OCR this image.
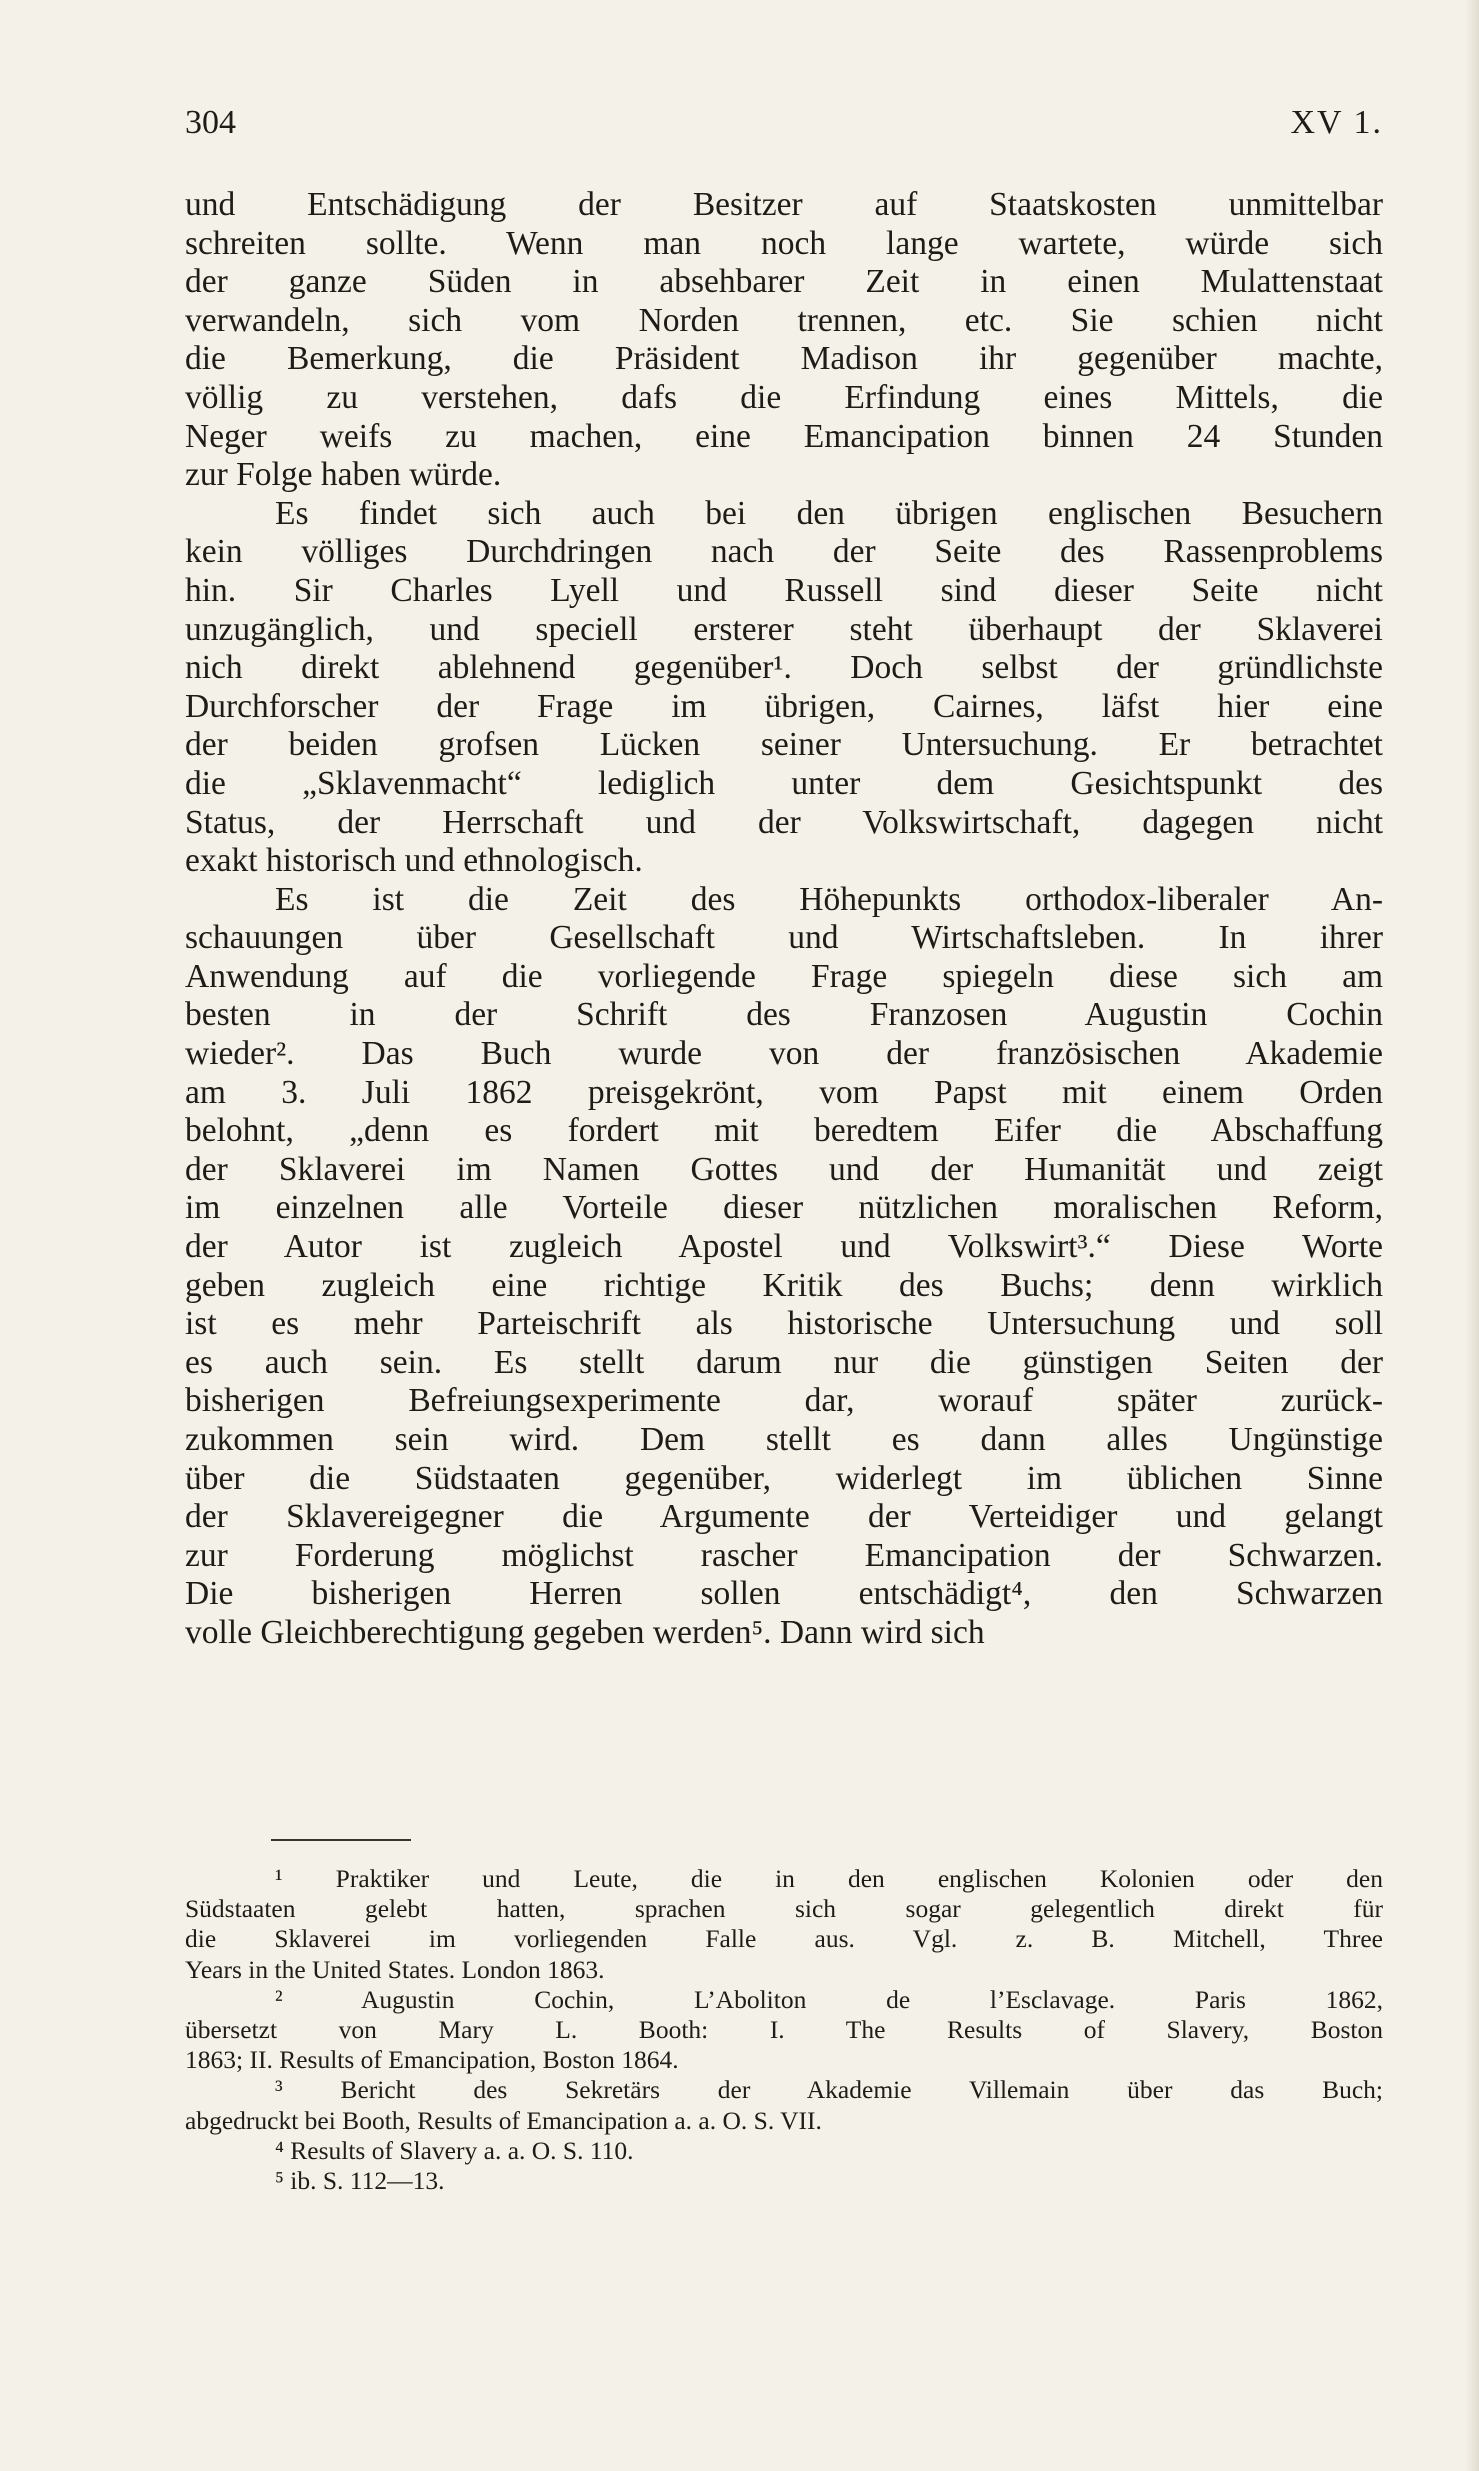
304	XV 1.
und Entschädigung der Besitzer auf Staatskosten unmittelbar
schreiten sollte. Wenn man noch lange wartete, würde sich
der ganze Süden in absehbarer Zeit in einen Mulattenstaat
verwandeln, sich vom Norden trennen, etc. Sie schien nicht
die Bemerkung, die Präsident Madison ihr gegenüber machte,
völlig zu verstehen, dafs die Erfindung eines Mittels, die
Neger weifs zu machen, eine Emancipation binnen 24 Stunden
zur Folge haben würde.
Es findet sich auch bei den übrigen englischen Besuchern
kein völliges Durchdringen nach der Seite des Rassenproblems
hin. Sir Charles Lyell und Russell sind dieser Seite nicht
unzugänglich, und speciell ersterer steht überhaupt der Sklaverei
nich direkt ablehnend gegenüber¹. Doch selbst der gründlichste
Durchforscher der Frage im übrigen, Cairnes, läfst hier eine
der beiden grofsen Lücken seiner Untersuchung. Er betrachtet
die „Sklavenmacht“ lediglich unter dem Gesichtspunkt des
Status, der Herrschaft und der Volkswirtschaft, dagegen nicht
exakt historisch und ethnologisch.
Es ist die Zeit des Höhepunkts orthodox-liberaler An-
schauungen über Gesellschaft und Wirtschaftsleben. In ihrer
Anwendung auf die vorliegende Frage spiegeln diese sich am
besten in der Schrift des Franzosen Augustin Cochin
wieder². Das Buch wurde von der französischen Akademie
am 3. Juli 1862 preisgekrönt, vom Papst mit einem Orden
belohnt, „denn es fordert mit beredtem Eifer die Abschaffung
der Sklaverei im Namen Gottes und der Humanität und zeigt
im einzelnen alle Vorteile dieser nützlichen moralischen Reform,
der Autor ist zugleich Apostel und Volkswirt³.“ Diese Worte
geben zugleich eine richtige Kritik des Buchs; denn wirklich
ist es mehr Parteischrift als historische Untersuchung und soll
es auch sein. Es stellt darum nur die günstigen Seiten der
bisherigen Befreiungsexperimente dar, worauf später zurück-
zukommen sein wird. Dem stellt es dann alles Ungünstige
über die Südstaaten gegenüber, widerlegt im üblichen Sinne
der Sklavereigegner die Argumente der Verteidiger und gelangt
zur Forderung möglichst rascher Emancipation der Schwarzen.
Die bisherigen Herren sollen entschädigt⁴, den Schwarzen
volle Gleichberechtigung gegeben werden⁵. Dann wird sich
¹ Praktiker und Leute, die in den englischen Kolonien oder den
Südstaaten gelebt hatten, sprachen sich sogar gelegentlich direkt für
die Sklaverei im vorliegenden Falle aus. Vgl. z. B. Mitchell, Three
Years in the United States. London 1863.
² Augustin Cochin, L’Aboliton de l’Esclavage. Paris 1862,
übersetzt von Mary L. Booth: I. The Results of Slavery, Boston
1863; II. Results of Emancipation, Boston 1864.
³ Bericht des Sekretärs der Akademie Villemain über das Buch;
abgedruckt bei Booth, Results of Emancipation a. a. O. S. VII.
⁴ Results of Slavery a. a. O. S. 110.
⁵ ib. S. 112—13.
